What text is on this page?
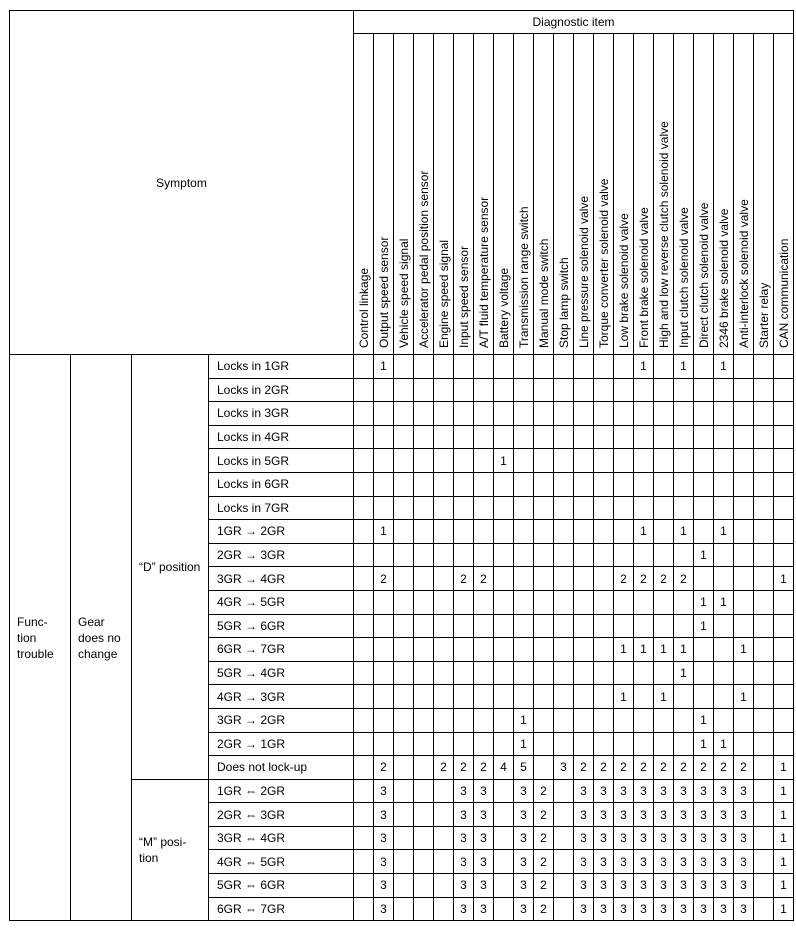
Symptom				Diagnostic item																					

				Control linkage	Output speed sensor	Vehicle speed signal	Accelerator pedal position sensor	Engine speed signal	Input speed sensor	A/T fluid temperature sensor	Battery voltage	Transmission range switch	Manual mode switch	Stop lamp switch	Line pressure solenoid valve	Torque converter solenoid valve	Low brake solenoid valve	Front brake solenoid valve	High and low reverse clutch solenoid valve	Input clutch solenoid valve	Direct clutch solenoid valve	2346 brake solenoid valve	Anti-interlock solenoid valve	Starter relay	CAN communication

Func-
tion
trouble	Gear
does no
change	“D” position	Locks in 1GR		1													1		1		1			
			Locks in 2GR																						
			Locks in 3GR																						
			Locks in 4GR																						
			Locks in 5GR								1														
			Locks in 6GR																						
			Locks in 7GR																						
			1GR → 2GR		1													1		1		1			
			2GR → 3GR																		1				
			3GR → 4GR		2				2	2							2	2	2	2					1
			4GR → 5GR																		1	1			
			5GR → 6GR																		1				
			6GR → 7GR														1	1	1	1			1		
			5GR → 4GR																	1					
			4GR → 3GR														1		1				1		
			3GR → 2GR									1									1				
			2GR → 1GR									1									1	1			
			Does not lock-up		2			2	2	2	4	5		3	2	2	2	2	2	2	2	2	2		1
		“M” posi-
tion	1GR ⇔ 2GR		3				3	3		3	2		3	3	3	3	3	3	3	3	3		1
			2GR ⇔ 3GR		3				3	3		3	2		3	3	3	3	3	3	3	3	3		1
			3GR ⇔ 4GR		3				3	3		3	2		3	3	3	3	3	3	3	3	3		1
			4GR ⇔ 5GR		3				3	3		3	2		3	3	3	3	3	3	3	3	3		1
			5GR ⇔ 6GR		3				3	3		3	2		3	3	3	3	3	3	3	3	3		1
			6GR ⇔ 7GR		3				3	3		3	2		3	3	3	3	3	3	3	3	3		1
